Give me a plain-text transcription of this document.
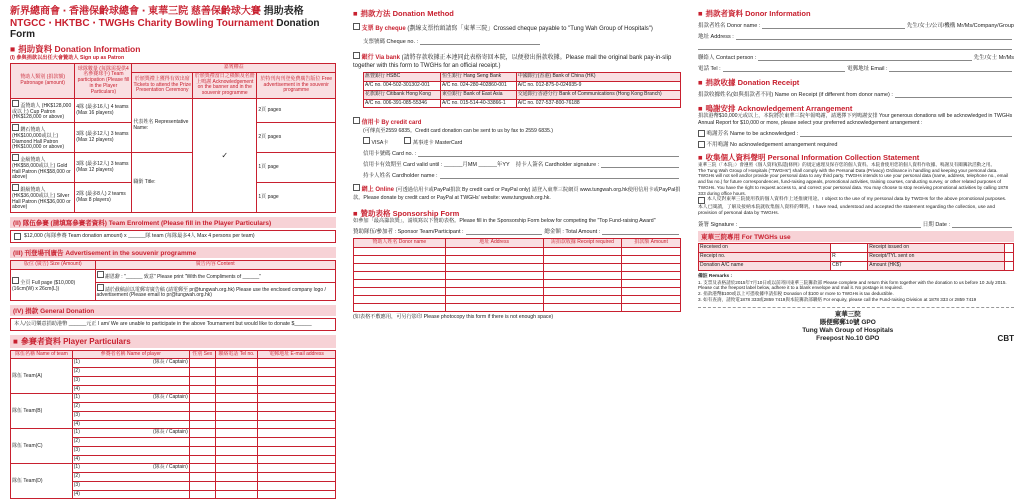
新界總商會 ‧ 香港保齡球總會 ‧ 東華三院 慈善保齡球大賽 捐助表格
NTGCC ‧ HKTBC ‧ TWGHs Charity Bowling Tournament Donation Form
■ 捐助資料 Donation Information
(I) 參與捐款以出任大會贊助人 Sign up as Patron
贊助人類別 (捐款額) Patronage (amount)	球隊數量 (每隊需提供4名參賽球手) Team participation (Please fill in the Player Particulars)	嘉賓權益		
		於頒獎禮上獲得有效出席 Tickets to attend the Prize Presentation Ceremony	於頒獎禮當日之橫額及名冊上鳴謝 Acknowledgement on the banner and in the souvenir programme	於特刊內刊登免費廣告版位 Free advertisement in the souvenir programme
盃贊助人 (HK$128,000或以上) Cup Patron (HK$128,000 or above)	4隊 (最多16人) 4 teams (Max 16 players)	代表姓名 Representative Name:	✓	2頁 pages
鑽石贊助人 (HK$100,000或以上) Diamond Hall Patron (HK$100,000 or above)	3隊 (最多12人) 3 teams (Max 12 players)			2頁 pages
金級贊助人 (HK$58,000或以上) Gold Hall Patron (HK$58,000 or above)	3隊 (最多12人) 3 teams (Max 12 players)	職銜 Title:		1頁 page
銀級贊助人 (HK$36,000或以上) Silver Hall Patron (HK$36,000 or above)	2隊 (最多8人) 2 teams (Max 8 players)			1頁 page
(II) 隊伍參賽 (請填寫參賽者資料) Team Enrolment (Please fill in the Player Particulars)
$12,000 (每隊參賽 Team donation amount) x ______隊 team (每隊最多4人 Max 4 persons per team)
(III) 刊登場刊廣告 Advertisement in the souvenir programme
版位 (廣告) Size (Amount)	廣告內容 Content
全頁 Full page ($10,000) (16cm(W) x 26cm(L))	謝恩辭 : "______ 致意" Please print "With the Compliments of ______"
	請於截稿前以電郵寄廣告稿 (請電郵至 pr@tungwah.org.hk) Please use the enclosed company logo / advertisement (Please email to pr@tungwah.org.hk)
(IV) 捐款 General Donation
本人/公司樂意捐助港幣 ______元正 I am/ We are unable to participate in the above Tournament but would like to donate $______
■ 參賽者資料 Player Particulars
隊伍名稱 Name of team	參賽者名稱 Name of player	性別 Sex	聯絡電話 Tel no.	電郵地址 E-mail address
隊伍 Team(A)	(1) (隊長 / Captain)			

	(2)			
	(3)			
	(4)			
隊伍 Team(B)	(1) (隊長 / Captain)			

	(2)			
	(3)			
	(4)			
隊伍 Team(C)	(1) (隊長 / Captain)			

	(2)			
	(3)			
	(4)			
隊伍 Team(D)	(1) (隊長 / Captain)			

	(2)			
	(3)			
	(4)			
■ 捐款方法 Donation Method
支票 By cheque (劃線支票抬頭請寫「東華三院」Crossed cheque payable to "Tung Wah Group of Hospitals")
支票號碼 Cheque no. :
銀行 Via bank (請將存款收據正本連同此表格寄回本院，以便發出捐款收據。Please mail the original bank pay-in-slip together with this form to TWGHs for an official receipt.)
滙豐銀行 HSBC	恒生銀行 Hang Seng Bank	中國銀行(香港) Bank of China (HK)
A/C no. 004-502-301302-001	A/C no. 024-280-402860-001	A/C no. 012-875-0-024935-9
花旗銀行 Citibank Hong Kong	東亞銀行 Bank of East Asia	交通銀行香港分行 Bank of Communications (Hong Kong Branch)
A/C no. 006-391-085-55346	A/C no. 015-514-40-33866-1	A/C no. 027-537-800-76188
信用卡 By credit card
(可傳真至2559 6835。Credit card donation can be sent to us by fax to 2559 6835.)
VISA卡	萬事達卡 MasterCard
信用卡號碼 Card no. :
信用卡有效期至 Card valid until : ______月MM ______年YY 持卡人簽名 Cardholder signature :
持卡人姓名 Cardholder name :
網上 Online (可透過信用卡或PayPal捐款 By credit card or PayPal only) 請登入東華三院網頁 www.tungwah.org.hk使用信用卡或PayPal捐款。Please donate by credit card or PayPal at TWGHs' website: www.tungwah.org.hk.
■ 贊助表格 Sponsorship Form
如參加「最高籌款獎」，請填寫以下贊助表格。Please fill in the Sponsorship Form below for competing the "Top Fund-raising Award"
贊助隊伍/參加者 : Sponsor Team/Participant :	總金額 : Total Amount :
贊助人姓名 Donor name	地址 Address	需捐款收據 Receipt required	捐款額 Amount

(如表格不敷應用，可另行影印 Please photocopy this form if there is not enough space)
■ 捐款者資料 Donor Information
捐款者姓名 Donor name :	先生/女士/公司/機構 Mr/Ms/Company/Group
地址 Address :
聯絡人 Contact person :	先生/女士 Mr/Ms
電話 Tel :	電郵地址 Email :
■ 捐款收據 Donation Receipt
捐款收據姓名(如與捐款者不同) Name on Receipt (if different from donor name) :
■ 鳴謝安排 Acknowledgement Arrangement
捐款港幣$10,000元或以上，本院將於東華三院年報鳴謝，請選擇下列鳴謝安排 Your generous donations will be acknowledged in TWGHs Annual Report for $10,000 or more, please select your preferred acknowledgement arrangement :

鳴謝芳名 Name to be acknowledged :

不用鳴謝 No acknowledgement arrangement required
■ 收集個人資料聲明 Personal Information Collection Statement
東華三院（「本院」）會遵照《個人資料(私隱)條例》的規定處理及保存您的個人資料。本院會使用您的個人資料作收據、鳴謝及有關籌款活動之用。
The Tung Wah Group of Hospitals ("TWGHs") shall comply with the Personal Data (Privacy) Ordinance in handling and keeping your personal data. TWGHs will not sell and/or provide your personal data to any third party. TWGHs intends to use your personal data (name, address, telephone no., email and fax no.) for future correspondences, fund-raising appeals, promotional activities, training courses, conducting survey, or other related purposes of TWGHs. You have the right to request access to, and correct your personal data. You may choose to stop receiving promotional activities by calling 1878 333 during office hours.
本人反對東華三院使用我的個人資料作上述推廣用途。I object to the use of my personal data by TWGHs for the above promotional purposes.
本人已閱讀，了解及接納本院就收集個人資料的聲明。I have read, understood and accepted the statement regarding the collection, use and provision of personal data by TWGHs.
簽署 Signature :	日期 Date :
東華三院專用 For TWGHs use
Received on		Receipt issued on	
Receipt no.	R	Receipt/TYL sent on	
Donation A/C name	CBT	Amount (HK$)	
備註 Remarks :
1. 支票及表格請於2015年7月10日或以前寄回東華三院籌款部 Please complete and return this form together with the donation to us before 10 July 2015. Please cut the freepost label below, adhere it to a blank envelope and mail it. No postage is required.
2. 捐款港幣$100或以上可憑收據申請扣稅 Donation of $100 or more to TWGHs is tax deductible.
3. 如有查詢，請致電1878 333或2859 7419與本院籌款部聯絡 For enquiry, please call the Fund-raising Division at 1878 333 or 2859 7419
東華三院
賬便郵郵10號 GPO
Tung Wah Group of Hospitals
Freepost No.10 GPO	CBT
